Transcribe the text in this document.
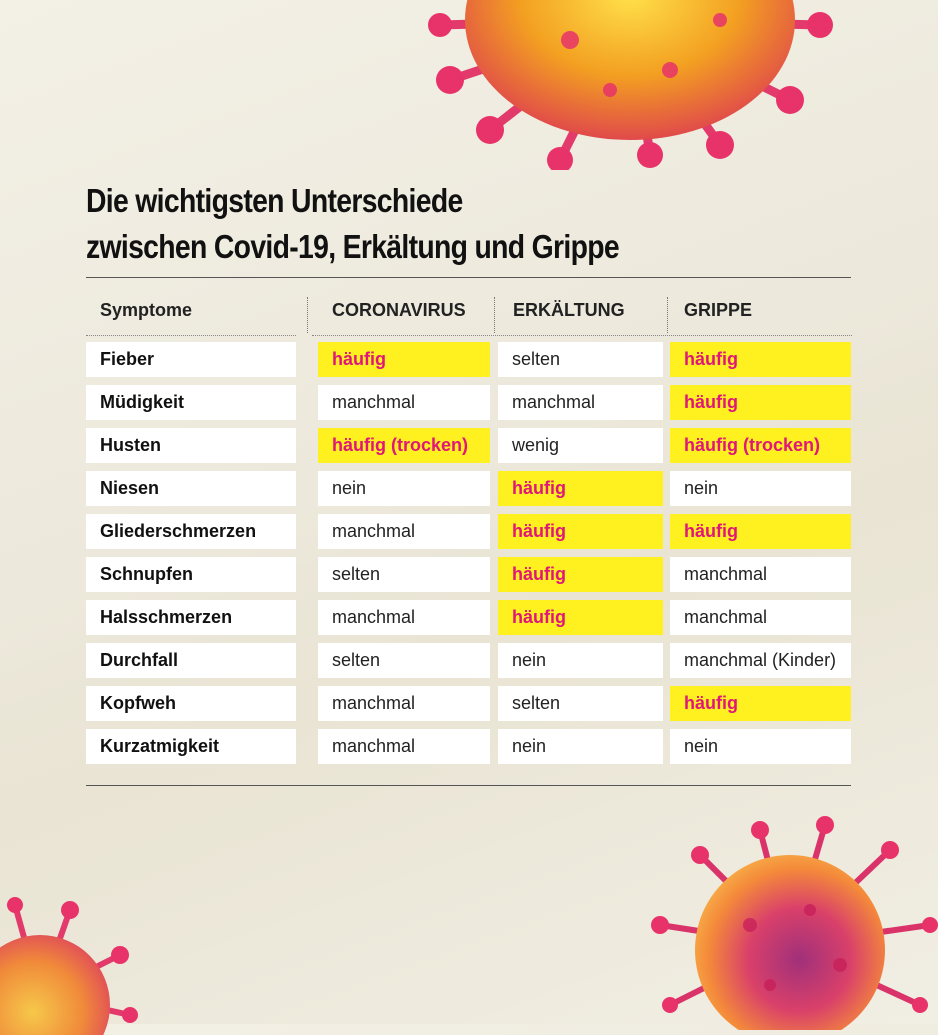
Die wichtigsten Unterschiede
zwischen Covid-19, Erkältung und Grippe
Symptome	CORONAVIRUS	ERKÄLTUNG	GRIPPE
Fieber	häufig	selten	häufig
Müdigkeit	manchmal	manchmal	häufig
Husten	häufig (trocken)	wenig	häufig (trocken)
Niesen	nein	häufig	nein
Gliederschmerzen	manchmal	häufig	häufig
Schnupfen	selten	häufig	manchmal
Halsschmerzen	manchmal	häufig	manchmal
Durchfall	selten	nein	manchmal (Kinder)
Kopfweh	manchmal	selten	häufig
Kurzatmigkeit	manchmal	nein	nein
